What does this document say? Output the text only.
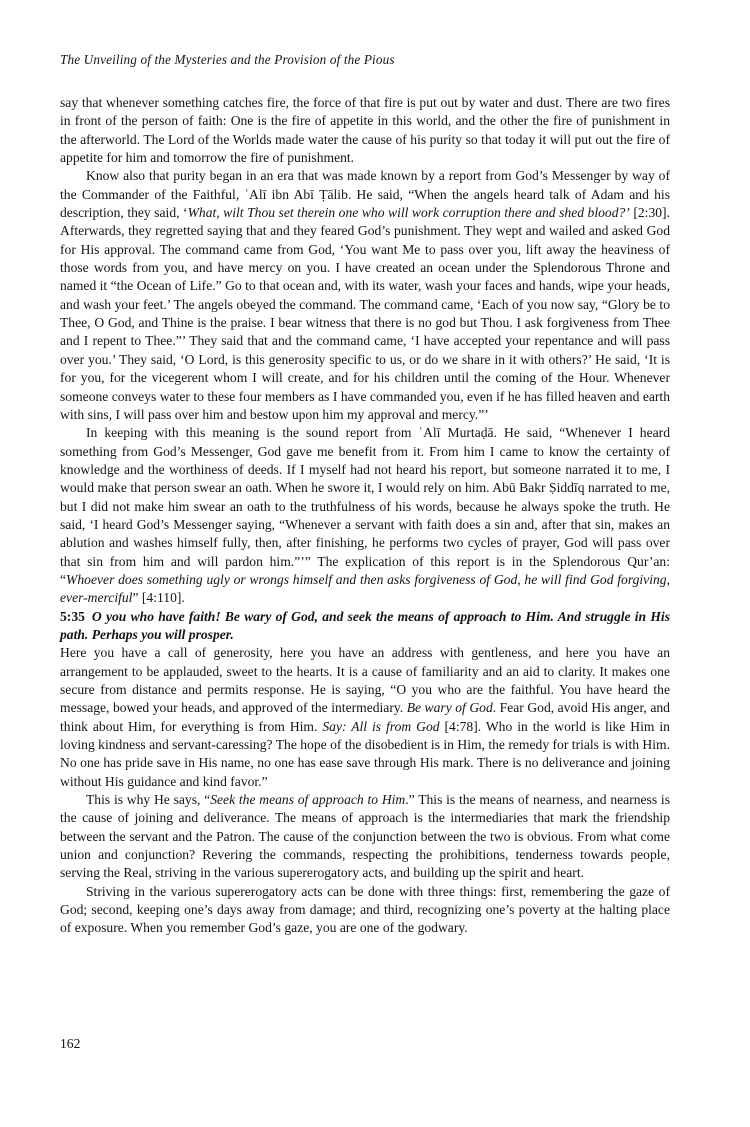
The Unveiling of the Mysteries and the Provision of the Pious

say that whenever something catches fire, the force of that fire is put out by water and dust. There are two fires in front of the person of faith: One is the fire of appetite in this world, and the other the fire of punishment in the afterworld. The Lord of the Worlds made water the cause of his purity so that today it will put out the fire of appetite for him and tomorrow the fire of punishment.

Know also that purity began in an era that was made known by a report from God’s Messenger by way of the Commander of the Faithful, ʿAlī ibn Abī Ṭālib. He said, “When the angels heard talk of Adam and his description, they said, ‘What, wilt Thou set therein one who will work corruption there and shed blood?’ [2:30]. Afterwards, they regretted saying that and they feared God’s punishment. They wept and wailed and asked God for His approval. The command came from God, ‘You want Me to pass over you, lift away the heaviness of those words from you, and have mercy on you. I have created an ocean under the Splendorous Throne and named it “the Ocean of Life.” Go to that ocean and, with its water, wash your faces and hands, wipe your heads, and wash your feet.’ The angels obeyed the command. The command came, ‘Each of you now say, “Glory be to Thee, O God, and Thine is the praise. I bear witness that there is no god but Thou. I ask forgiveness from Thee and I repent to Thee.”’ They said that and the command came, ‘I have accepted your repentance and will pass over you.’ They said, ‘O Lord, is this generosity specific to us, or do we share in it with others?’ He said, ‘It is for you, for the vicegerent whom I will create, and for his children until the coming of the Hour. Whenever someone conveys water to these four members as I have commanded you, even if he has filled heaven and earth with sins, I will pass over him and bestow upon him my approval and mercy.”’

In keeping with this meaning is the sound report from ʿAlī Murtaḍā. He said, “Whenever I heard something from God’s Messenger, God gave me benefit from it. From him I came to know the certainty of knowledge and the worthiness of deeds. If I myself had not heard his report, but someone narrated it to me, I would make that person swear an oath. When he swore it, I would rely on him. Abū Bakr Ṣiddīq narrated to me, but I did not make him swear an oath to the truthfulness of his words, because he always spoke the truth. He said, ‘I heard God’s Messenger saying, “Whenever a servant with faith does a sin and, after that sin, makes an ablution and washes himself fully, then, after finishing, he performs two cycles of prayer, God will pass over that sin from him and will pardon him.”’” The explication of this report is in the Splendorous Qur’an: “Whoever does something ugly or wrongs himself and then asks forgiveness of God, he will find God forgiving, ever-merciful” [4:110].

5:35 O you who have faith! Be wary of God, and seek the means of approach to Him. And struggle in His path. Perhaps you will prosper.

Here you have a call of generosity, here you have an address with gentleness, and here you have an arrangement to be applauded, sweet to the hearts. It is a cause of familiarity and an aid to clarity. It makes one secure from distance and permits response. He is saying, “O you who are the faithful. You have heard the message, bowed your heads, and approved of the intermediary. Be wary of God. Fear God, avoid His anger, and think about Him, for everything is from Him. Say: All is from God [4:78]. Who in the world is like Him in loving kindness and servant-caressing? The hope of the disobedient is in Him, the remedy for trials is with Him. No one has pride save in His name, no one has ease save through His mark. There is no deliverance and joining without His guidance and kind favor.”

This is why He says, “Seek the means of approach to Him.” This is the means of nearness, and nearness is the cause of joining and deliverance. The means of approach is the intermediaries that mark the friendship between the servant and the Patron. The cause of the conjunction between the two is obvious. From what come union and conjunction? Revering the commands, respecting the prohibitions, tenderness towards people, serving the Real, striving in the various supererogatory acts, and building up the spirit and heart.

Striving in the various supererogatory acts can be done with three things: first, remembering the gaze of God; second, keeping one’s days away from damage; and third, recognizing one’s poverty at the halting place of exposure. When you remember God’s gaze, you are one of the godwary.

162
